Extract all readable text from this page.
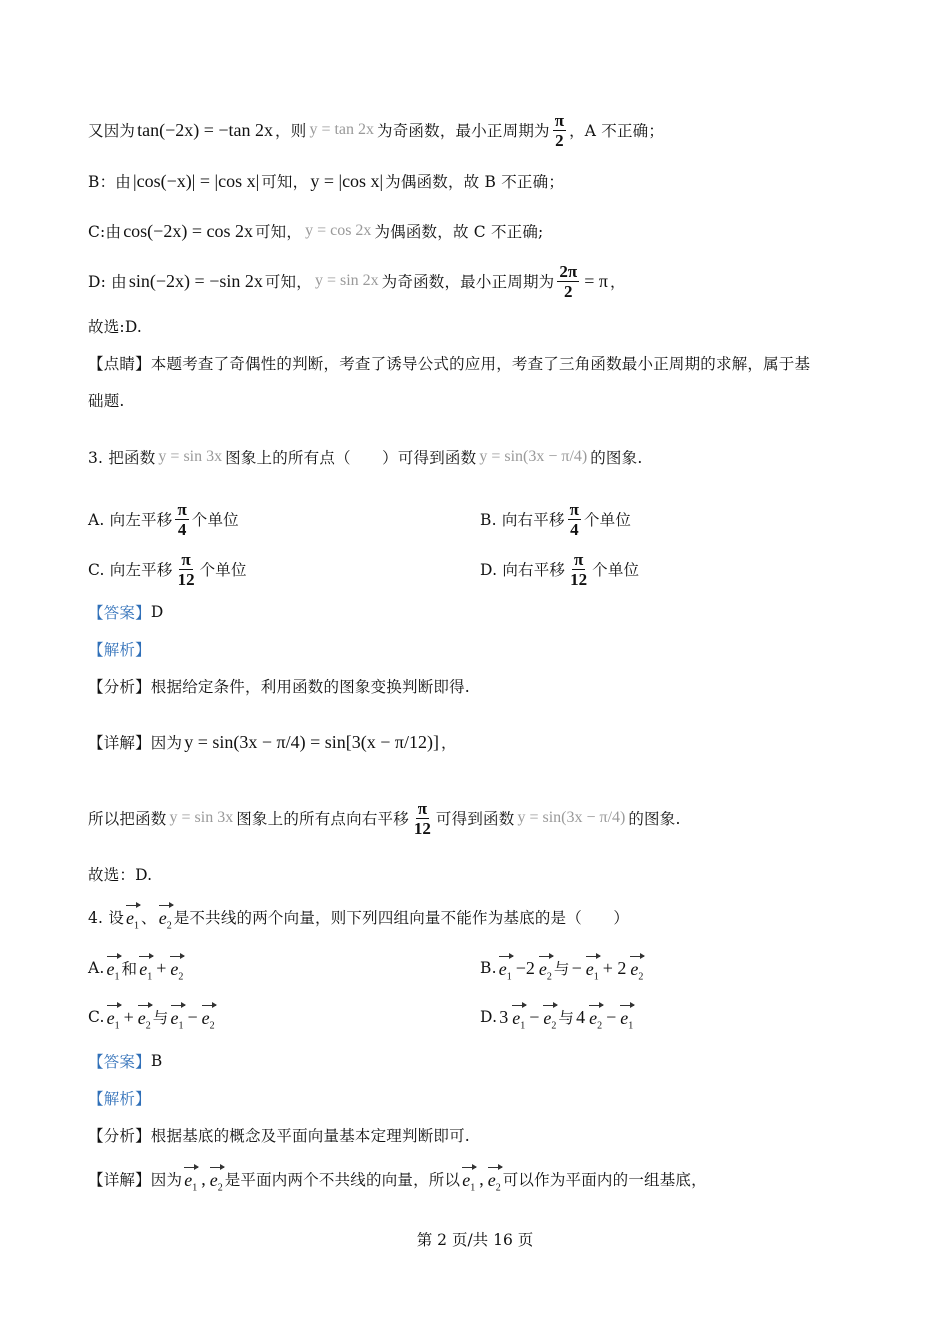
又因为 tan(−2x) = −tan 2x ，则 y = tan 2x 为奇函数，最小正周期为 $\frac{\pi}{2}$ ，A 不正确；
B：由 |cos(−x)| = |cos x| 可知， y = |cos x| 为偶函数，故 B 不正确；
C:由 cos(−2x) = cos 2x 可知， y = cos 2x 为偶函数，故 C 不正确;
D: 由 sin(−2x) = −sin 2x 可知， y = sin 2x 为奇函数，最小正周期为 $\frac{2\pi}{2} = \pi$ ，
故选:D.
【点睛】本题考查了奇偶性的判断，考查了诱导公式的应用，考查了三角函数最小正周期的求解，属于基
础题.
3. 把函数 y = sin 3x 图象上的所有点（　　）可得到函数 y = sin(3x − π/4) 的图象.
A. 向左平移 $\frac{\pi}{4}$ 个单位	B. 向右平移 $\frac{\pi}{4}$ 个单位
C. 向左平移 $\frac{\pi}{12}$ 个单位	D. 向右平移 $\frac{\pi}{12}$ 个单位
【答案】 D
【解析】
【分析】根据给定条件，利用函数的图象变换判断即得.
【详解】因为 y = sin(3x − π/4) = sin[3(x − π/12)] ，
所以把函数 y = sin 3x 图象上的所有点向右平移 $\frac{\pi}{12}$ 可得到函数 y = sin(3x − π/4) 的图象.
故选：D.
4. 设 $e_1$ 、 $e_2$ 是不共线的两个向量，则下列四组向量不能作为基底的是（　　）
A. $e_1$ 和 $e_1 + e_2$
B. $e_1 -2$ $e_2$ 与 − $e_1 + 2$ $e_2$
C. $e_1 + e_2$ 与 $e_1 - e_2$
D. 3 $e_1 - e_2$ 与 4 $e_2 - e_1$
【答案】 B
【解析】
【分析】根据基底的概念及平面向量基本定理判断即可.
【详解】因为 $e_1$ , $e_2$ 是平面内两个不共线的向量，所以 $e_1$ , $e_2$ 可以作为平面内的一组基底，
第 2 页/共 16 页
